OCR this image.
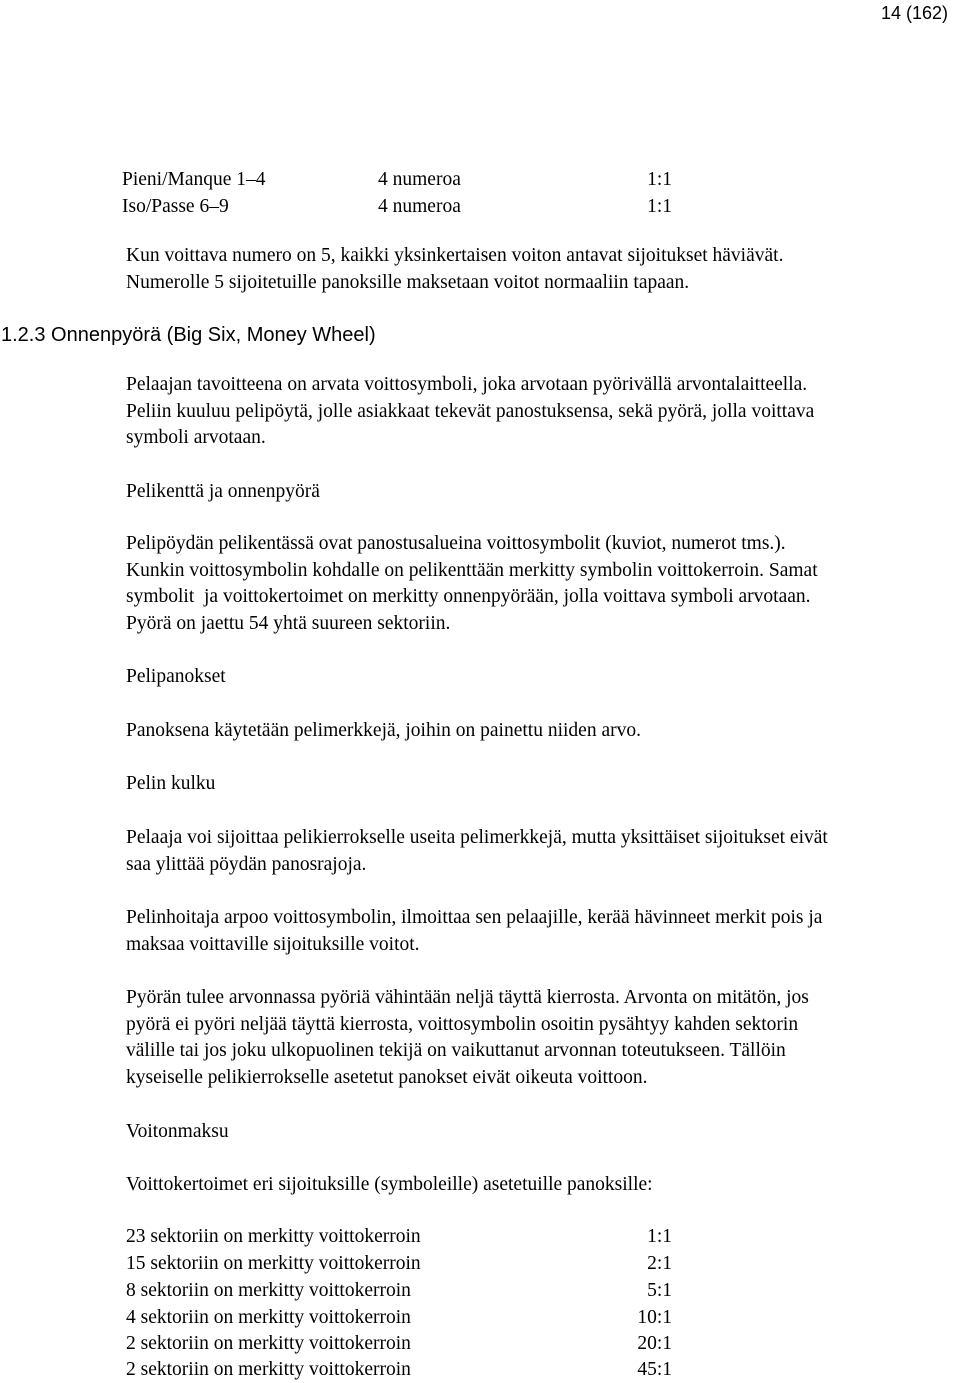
14 (162)
Pieni/Manque 1–4	4 numeroa	1:1
Iso/Passe 6–9	4 numeroa	1:1

Kun voittava numero on 5, kaikki yksinkertaisen voiton antavat sijoitukset häviävät.

Numerolle 5 sijoitetuille panoksille maksetaan voitot normaaliin tapaan.

1.2.3 Onnenpyörä (Big Six, Money Wheel)

Pelaajan tavoitteena on arvata voittosymboli, joka arvotaan pyörivällä arvontalaitteella.

Peliin kuuluu pelipöytä, jolle asiakkaat tekevät panostuksensa, sekä pyörä, jolla voittava

symboli arvotaan.

Pelikenttä ja onnenpyörä

Pelipöydän pelikentässä ovat panostusalueina voittosymbolit (kuviot, numerot tms.).

Kunkin voittosymbolin kohdalle on pelikenttään merkitty symbolin voittokerroin. Samat

symbolit  ja voittokertoimet on merkitty onnenpyörään, jolla voittava symboli arvotaan.

Pyörä on jaettu 54 yhtä suureen sektoriin.

Pelipanokset

Panoksena käytetään pelimerkkejä, joihin on painettu niiden arvo.

Pelin kulku

Pelaaja voi sijoittaa pelikierrokselle useita pelimerkkejä, mutta yksittäiset sijoitukset eivät

saa ylittää pöydän panosrajoja.

Pelinhoitaja arpoo voittosymbolin, ilmoittaa sen pelaajille, kerää hävinneet merkit pois ja

maksaa voittaville sijoituksille voitot.

Pyörän tulee arvonnassa pyöriä vähintään neljä täyttä kierrosta. Arvonta on mitätön, jos

pyörä ei pyöri neljää täyttä kierrosta, voittosymbolin osoitin pysähtyy kahden sektorin

välille tai jos joku ulkopuolinen tekijä on vaikuttanut arvonnan toteutukseen. Tällöin

kyseiselle pelikierrokselle asetetut panokset eivät oikeuta voittoon.

Voitonmaksu

Voittokertoimet eri sijoituksille (symboleille) asetetuille panoksille:

23 sektoriin on merkitty voittokerroin	1:1
15 sektoriin on merkitty voittokerroin	2:1
8 sektoriin on merkitty voittokerroin	5:1
4 sektoriin on merkitty voittokerroin	10:1
2 sektoriin on merkitty voittokerroin	20:1
2 sektoriin on merkitty voittokerroin	45:1
